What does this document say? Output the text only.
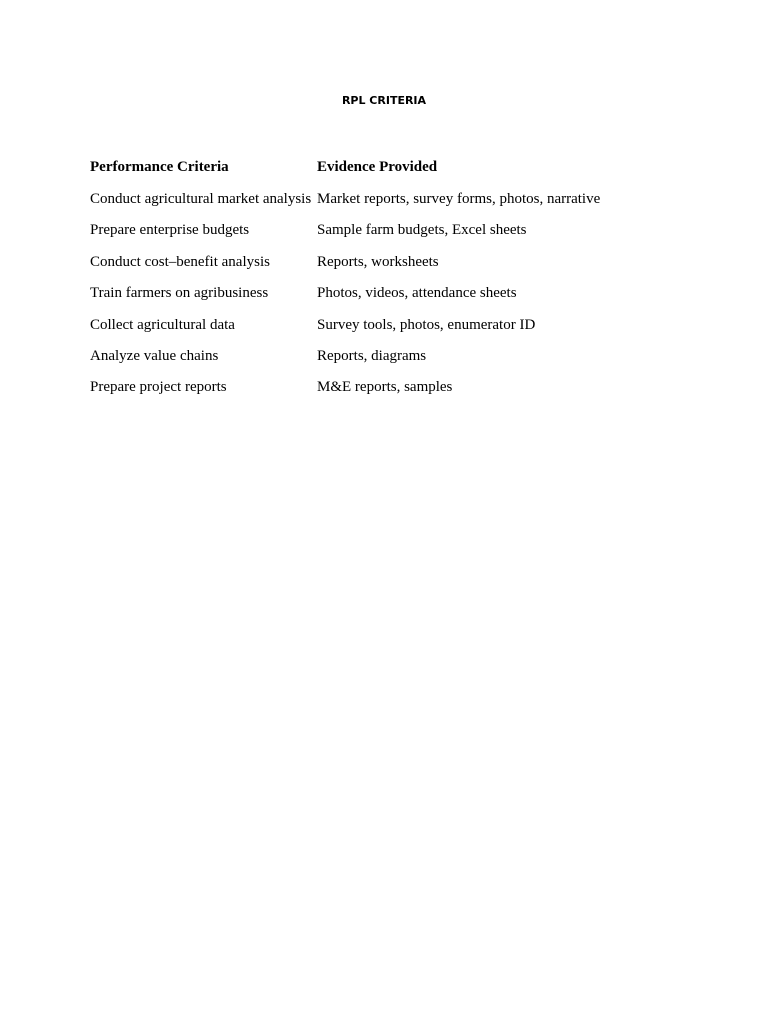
RPL CRITERIA
Performance Criteria	Evidence Provided
Conduct agricultural market analysis	Market reports, survey forms, photos, narrative
Prepare enterprise budgets	Sample farm budgets, Excel sheets
Conduct cost–benefit analysis	Reports, worksheets
Train farmers on agribusiness	Photos, videos, attendance sheets
Collect agricultural data	Survey tools, photos, enumerator ID
Analyze value chains	Reports, diagrams
Prepare project reports	M&E reports, samples
